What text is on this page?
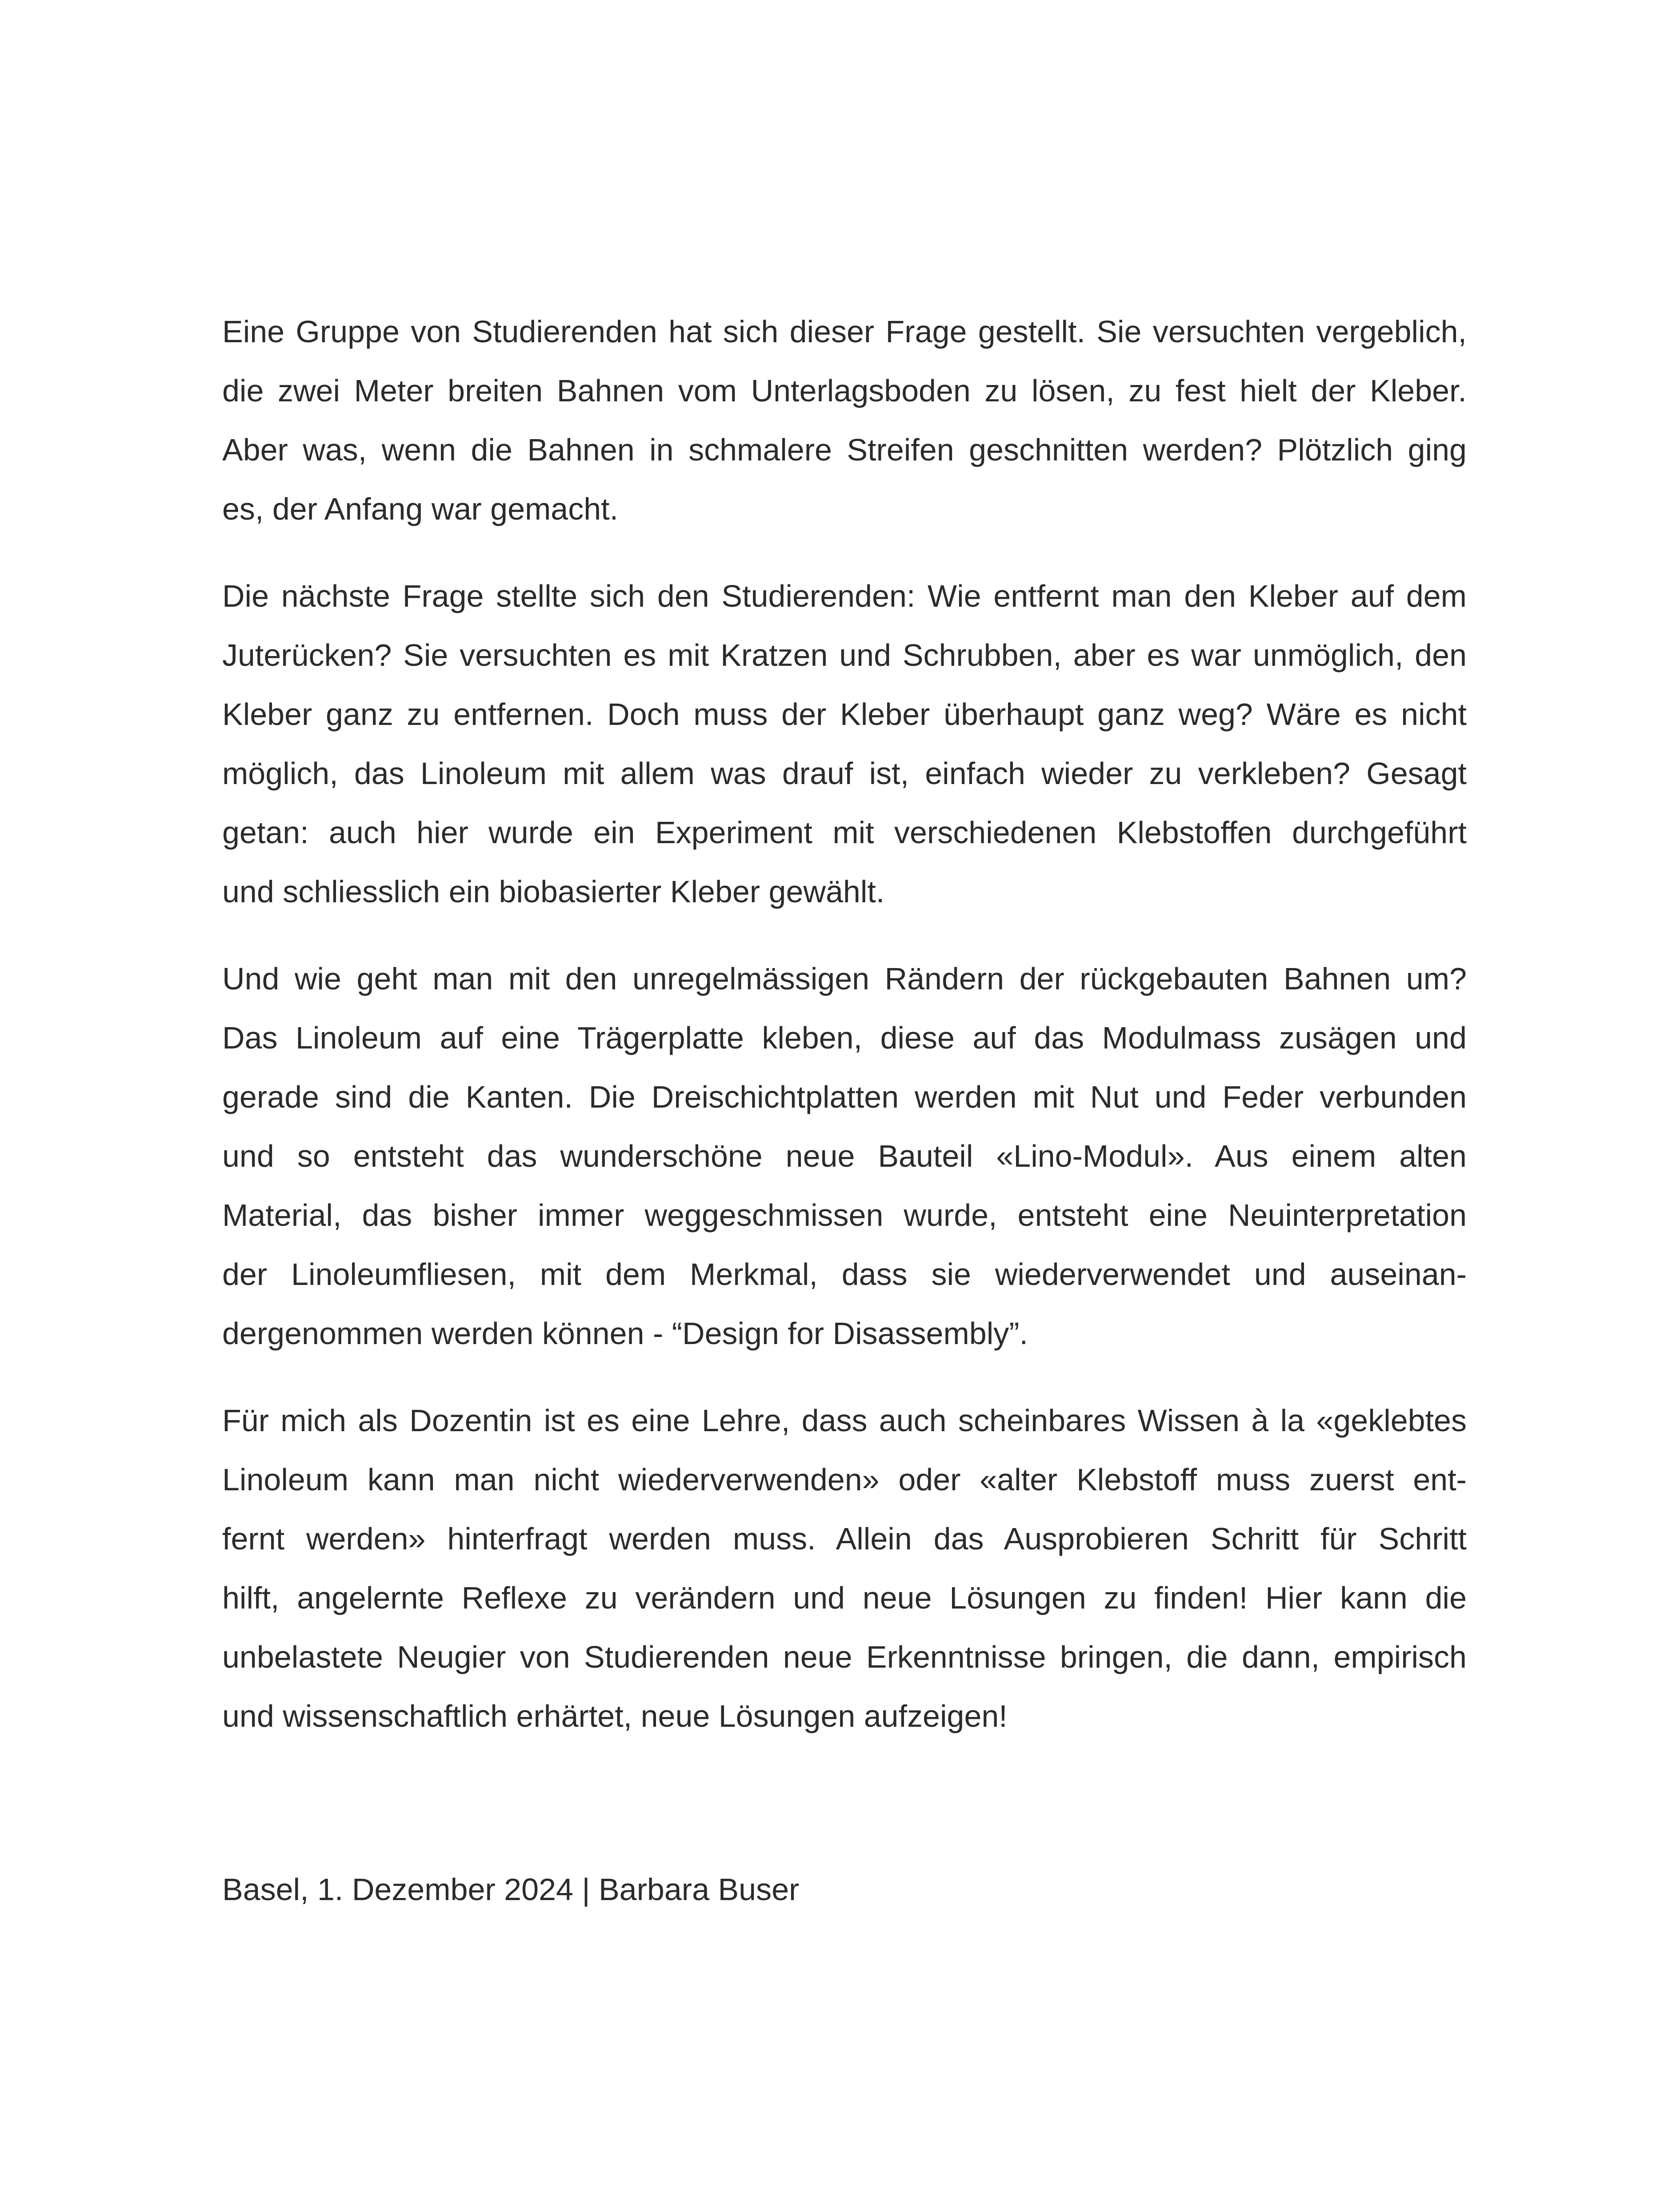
Eine Gruppe von Studierenden hat sich dieser Frage gestellt. Sie versuchten vergeblich,
die zwei Meter breiten Bahnen vom Unterlagsboden zu lösen, zu fest hielt der Kleber.
Aber was, wenn die Bahnen in schmalere Streifen geschnitten werden? Plötzlich ging
es, der Anfang war gemacht.

Die nächste Frage stellte sich den Studierenden: Wie entfernt man den Kleber auf dem
Juterücken? Sie versuchten es mit Kratzen und Schrubben, aber es war unmöglich, den
Kleber ganz zu entfernen. Doch muss der Kleber überhaupt ganz weg? Wäre es nicht
möglich, das Linoleum mit allem was drauf ist, einfach wieder zu verkleben? Gesagt
getan: auch hier wurde ein Experiment mit verschiedenen Klebstoffen durchgeführt
und schliesslich ein biobasierter Kleber gewählt.

Und wie geht man mit den unregelmässigen Rändern der rückgebauten Bahnen um?
Das Linoleum auf eine Trägerplatte kleben, diese auf das Modulmass zusägen und
gerade sind die Kanten. Die Dreischichtplatten werden mit Nut und Feder verbunden
und so entsteht das wunderschöne neue Bauteil «Lino-Modul». Aus einem alten
Material, das bisher immer weggeschmissen wurde, entsteht eine Neuinterpretation
der Linoleumfliesen, mit dem Merkmal, dass sie wiederverwendet und auseinan-
dergenommen werden können - “Design for Disassembly”.

Für mich als Dozentin ist es eine Lehre, dass auch scheinbares Wissen à la «geklebtes
Linoleum kann man nicht wiederverwenden» oder «alter Klebstoff muss zuerst ent-
fernt werden» hinterfragt werden muss. Allein das Ausprobieren Schritt für Schritt
hilft, angelernte Reflexe zu verändern und neue Lösungen zu finden! Hier kann die
unbelastete Neugier von Studierenden neue Erkenntnisse bringen, die dann, empirisch
und wissenschaftlich erhärtet, neue Lösungen aufzeigen!

Basel, 1. Dezember 2024 | Barbara Buser
